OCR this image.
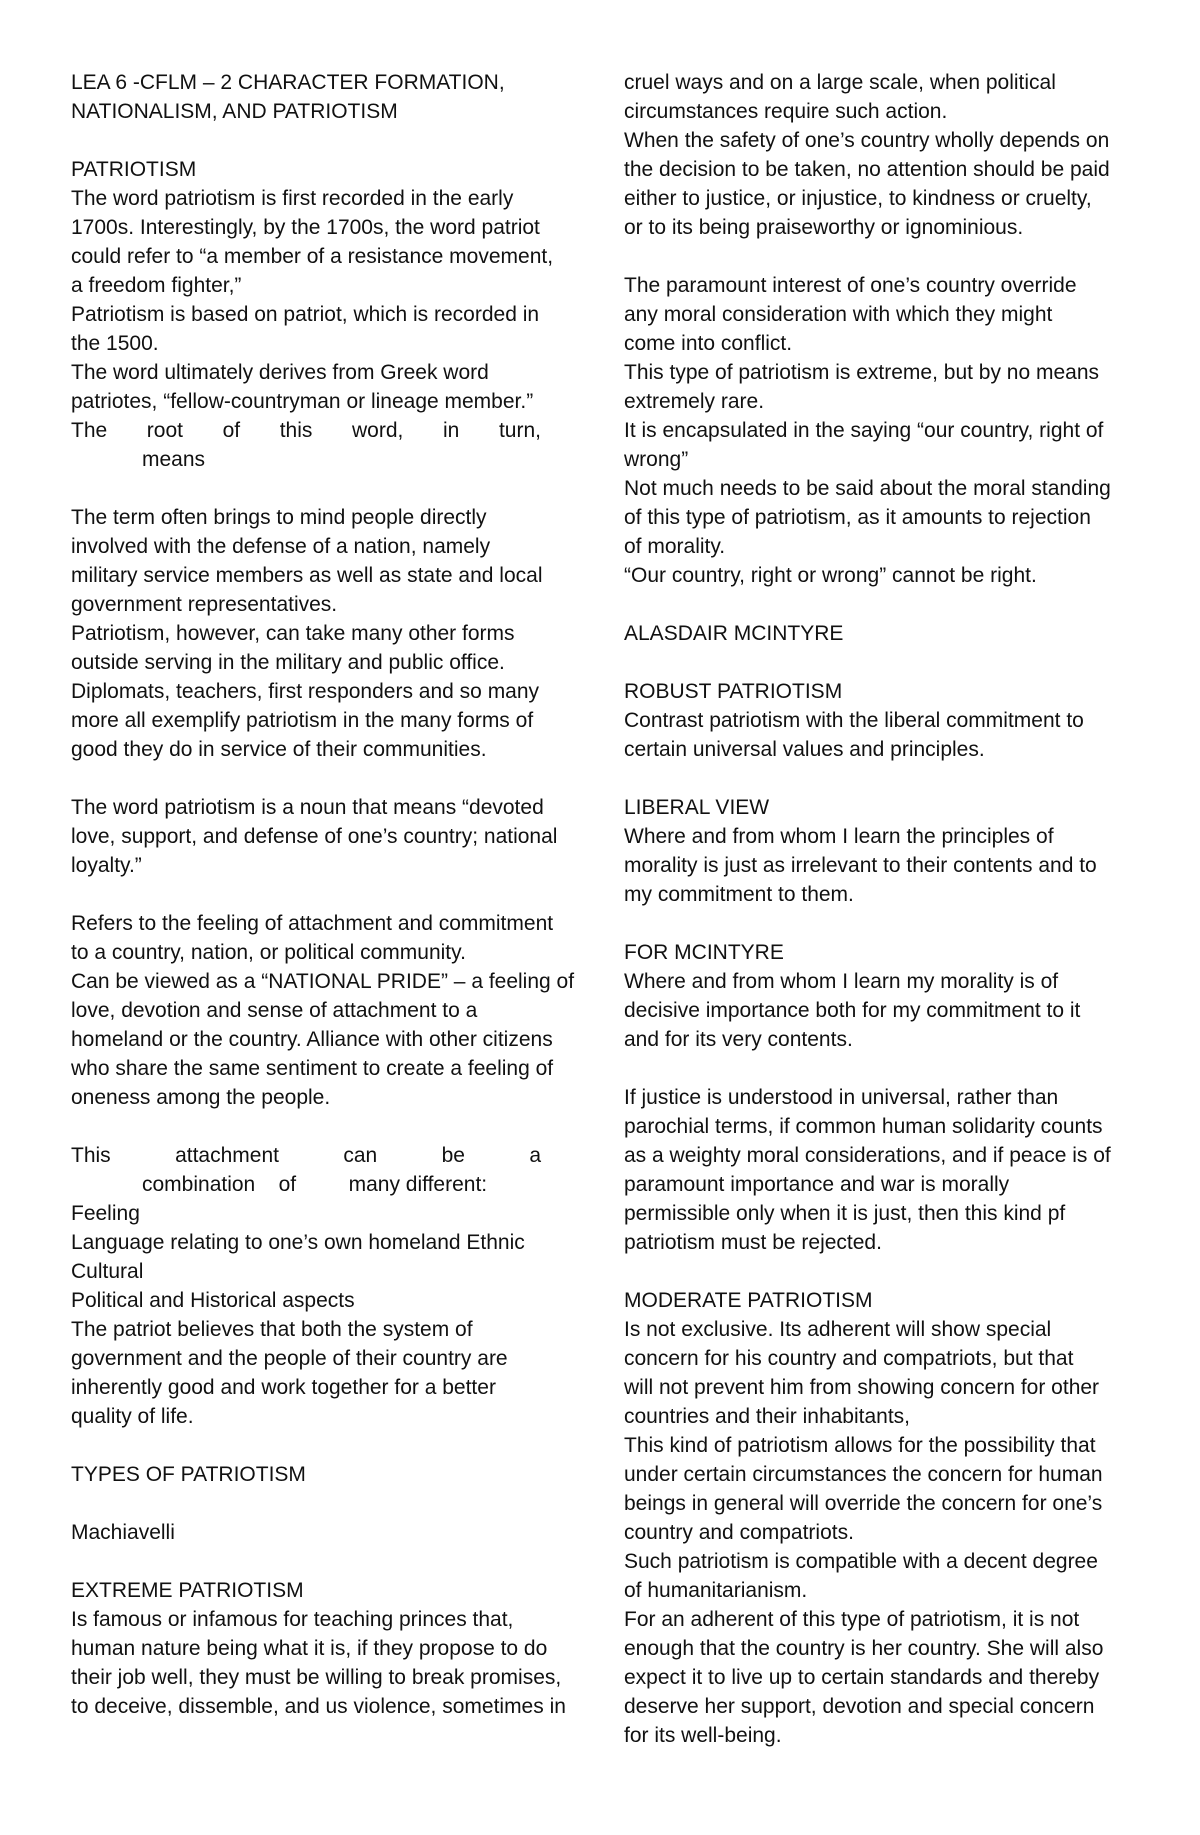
LEA 6 -CFLM – 2 CHARACTER FORMATION,
NATIONALISM, AND PATRIOTISM

PATRIOTISM
The word patriotism is first recorded in the early
1700s. Interestingly, by the 1700s, the word patriot
could refer to “a member of a resistance movement,
a freedom fighter,”
Patriotism is based on patriot, which is recorded in
the 1500.
The word ultimately derives from Greek word
patriotes, “fellow-countryman or lineage member.”

The root of this word, in turn,

means

The term often brings to mind people directly
involved with the defense of a nation, namely
military service members as well as state and local
government representatives.
Patriotism, however, can take many other forms
outside serving in the military and public office.
Diplomats, teachers, first responders and so many
more all exemplify patriotism in the many forms of
good they do in service of their communities.

The word patriotism is a noun that means “devoted
love, support, and defense of one’s country; national
loyalty.”

Refers to the feeling of attachment and commitment
to a country, nation, or political community.
Can be viewed as a “NATIONAL PRIDE” – a feeling of
love, devotion and sense of attachment to a
homeland or the country. Alliance with other citizens
who share the same sentiment to create a feeling of
oneness among the people.

This	attachment	can	be	a

combination    of         many different:

Feeling
Language relating to one’s own homeland Ethnic
Cultural
Political and Historical aspects
The patriot believes that both the system of
government and the people of their country are
inherently good and work together for a better
quality of life.

TYPES OF PATRIOTISM

Machiavelli

EXTREME PATRIOTISM
Is famous or infamous for teaching princes that,
human nature being what it is, if they propose to do
their job well, they must be willing to break promises,
to deceive, dissemble, and us violence, sometimes in

cruel ways and on a large scale, when political
circumstances require such action.
When the safety of one’s country wholly depends on
the decision to be taken, no attention should be paid
either to justice, or injustice, to kindness or cruelty,
or to its being praiseworthy or ignominious.

The paramount interest of one’s country override
any moral consideration with which they might
come into conflict.
This type of patriotism is extreme, but by no means
extremely rare.
It is encapsulated in the saying “our country, right of
wrong”
Not much needs to be said about the moral standing
of this type of patriotism, as it amounts to rejection
of morality.
“Our country, right or wrong” cannot be right.

ALASDAIR MCINTYRE

ROBUST PATRIOTISM
Contrast patriotism with the liberal commitment to
certain universal values and principles.

LIBERAL VIEW
Where and from whom I learn the principles of
morality is just as irrelevant to their contents and to
my commitment to them.

FOR MCINTYRE
Where and from whom I learn my morality is of
decisive importance both for my commitment to it
and for its very contents.

If justice is understood in universal, rather than
parochial terms, if common human solidarity counts
as a weighty moral considerations, and if peace is of
paramount importance and war is morally
permissible only when it is just, then this kind pf
patriotism must be rejected.

MODERATE PATRIOTISM
Is not exclusive. Its adherent will show special
concern for his country and compatriots, but that
will not prevent him from showing concern for other
countries and their inhabitants,
This kind of patriotism allows for the possibility that
under certain circumstances the concern for human
beings in general will override the concern for one’s
country and compatriots.
Such patriotism is compatible with a decent degree
of humanitarianism.
For an adherent of this type of patriotism, it is not
enough that the country is her country. She will also
expect it to live up to certain standards and thereby
deserve her support, devotion and special concern
for its well-being.
